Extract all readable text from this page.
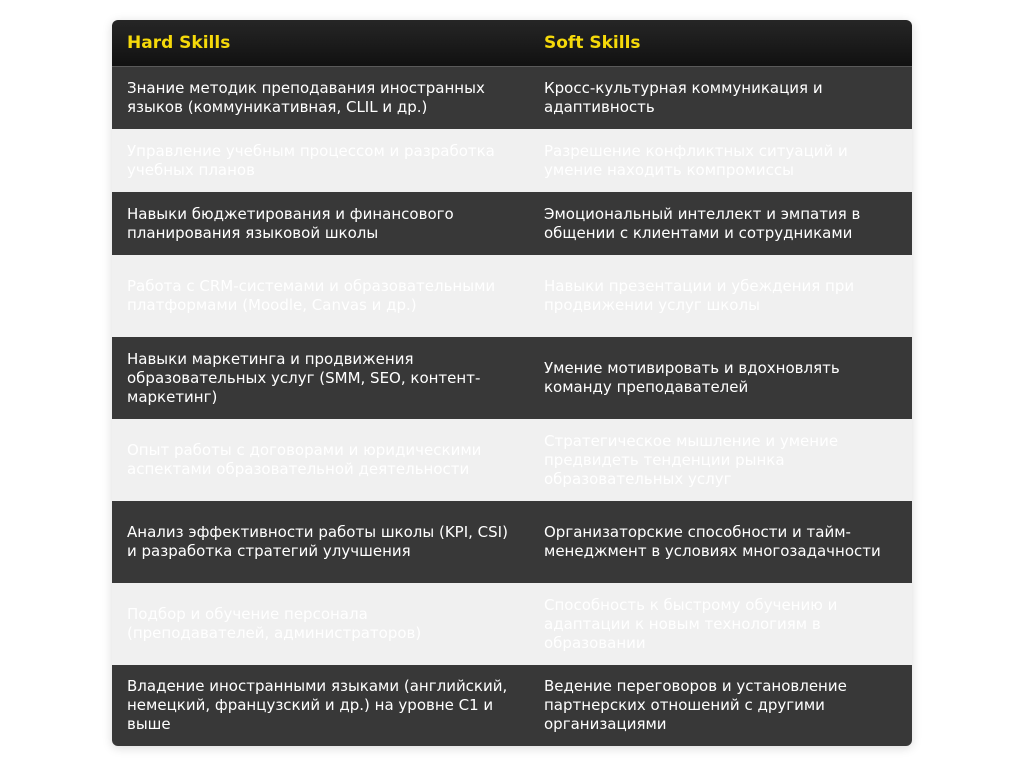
Hard Skills	Soft Skills
Знание методик преподавания иностранных языков (коммуникативная, CLIL и др.)
Кросс-культурная коммуникация и адаптивность
Управление учебным процессом и разработка учебных планов
Разрешение конфликтных ситуаций и умение находить компромиссы
Навыки бюджетирования и финансового планирования языковой школы
Эмоциональный интеллект и эмпатия в общении с клиентами и сотрудниками
Работа с CRM-системами и образовательными платформами (Moodle, Canvas и др.)
Навыки презентации и убеждения при продвижении услуг школы
Навыки маркетинга и продвижения образовательных услуг (SMM, SEO, контент-маркетинг)
Умение мотивировать и вдохновлять команду преподавателей
Опыт работы с договорами и юридическими аспектами образовательной деятельности
Стратегическое мышление и умение предвидеть тенденции рынка образовательных услуг
Анализ эффективности работы школы (KPI, CSI) и разработка стратегий улучшения
Организаторские способности и тайм-менеджмент в условиях многозадачности
Подбор и обучение персонала (преподавателей, администраторов)
Способность к быстрому обучению и адаптации к новым технологиям в образовании
Владение иностранными языками (английский, немецкий, французский и др.) на уровне C1 и выше
Ведение переговоров и установление партнерских отношений с другими организациями
